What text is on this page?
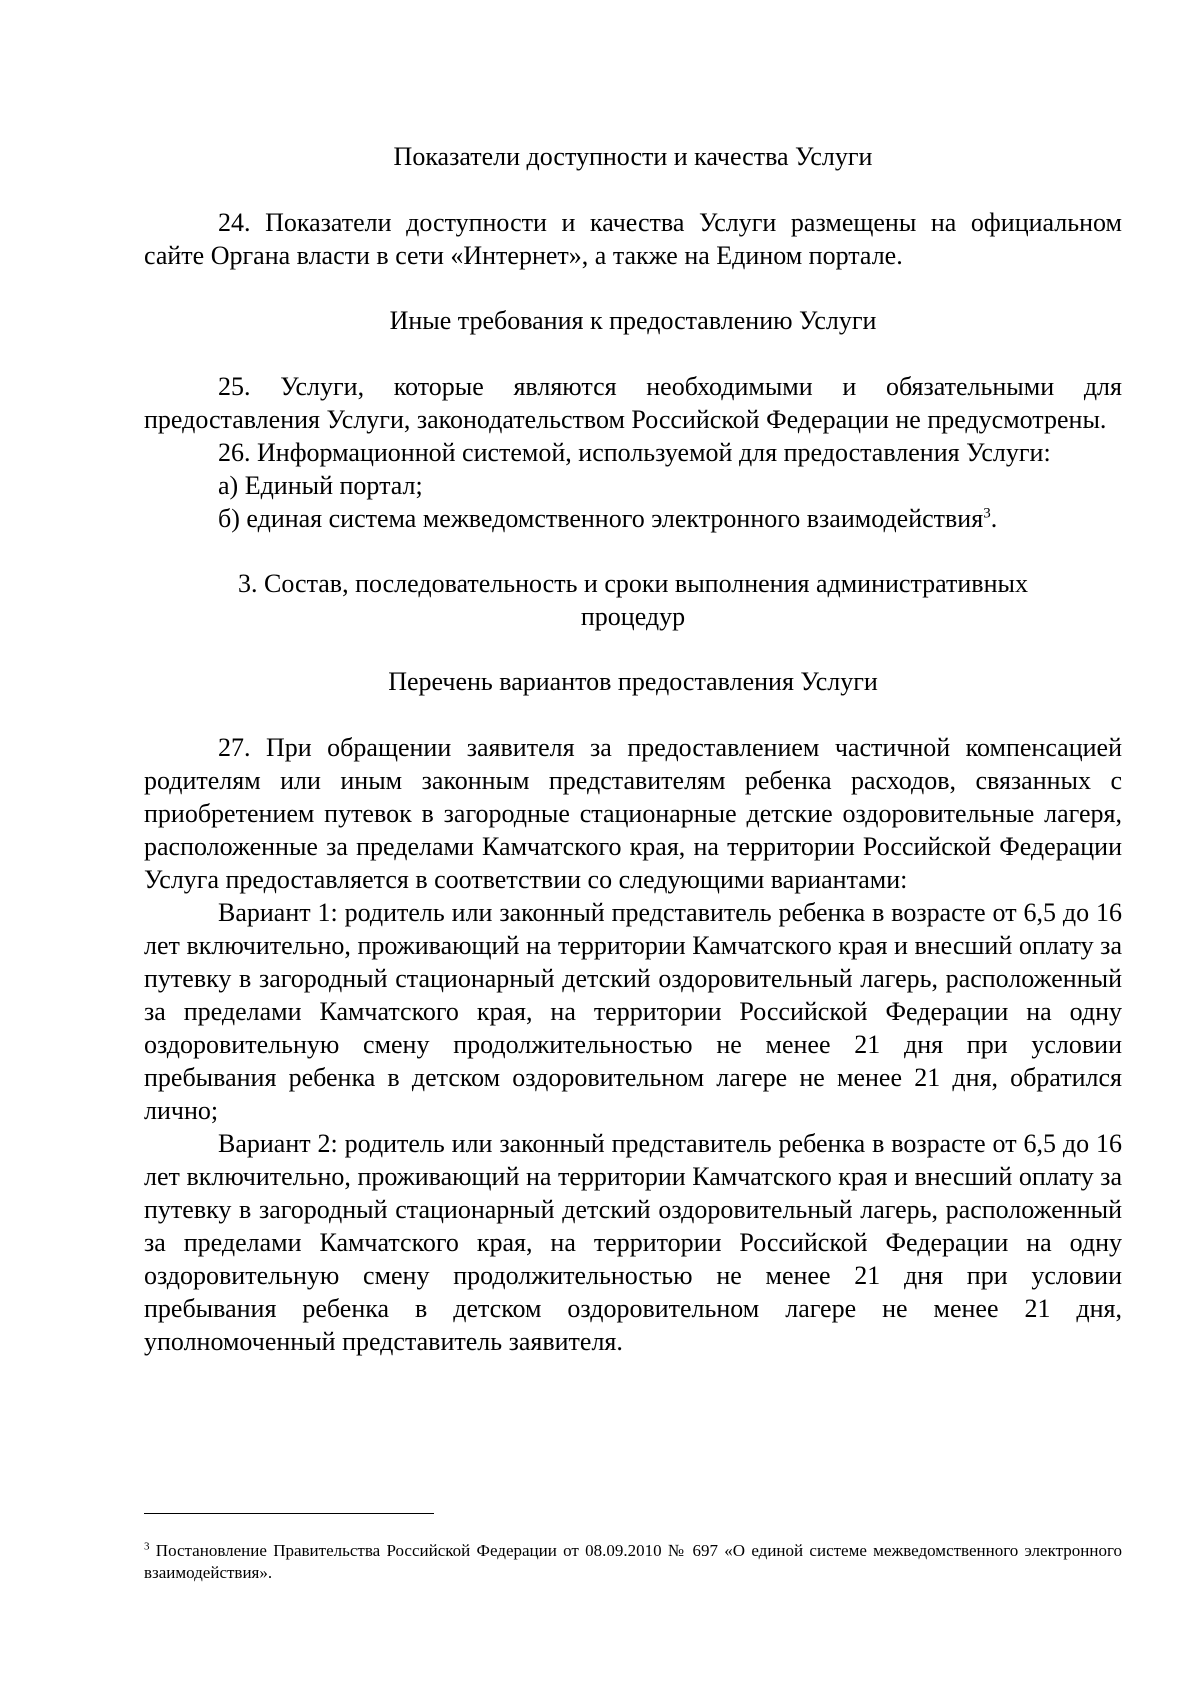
Показатели доступности и качества Услуги

24. Показатели доступности и качества Услуги размещены на официальном сайте Органа власти в сети «Интернет», а также на Едином портале.

Иные требования к предоставлению Услуги

25. Услуги, которые являются необходимыми и обязательными для предоставления Услуги, законодательством Российской Федерации не предусмотрены.

26. Информационной системой, используемой для предоставления Услуги:

а) Единый портал;

б) единая система межведомственного электронного взаимодействия$^3$.

3. Состав, последовательность и сроки выполнения административных

процедур

Перечень вариантов предоставления Услуги

27. При обращении заявителя за предоставлением частичной компенсацией родителям или иным законным представителям ребенка расходов, связанных с приобретением путевок в загородные стационарные детские оздоровительные лагеря, расположенные за пределами Камчатского края, на территории Российской Федерации Услуга предоставляется в соответствии со следующими вариантами:

Вариант 1: родитель или законный представитель ребенка в возрасте от 6,5 до 16 лет включительно, проживающий на территории Камчатского края и внесший оплату за путевку в загородный стационарный детский оздоровительный лагерь, расположенный за пределами Камчатского края, на территории Российской Федерации на одну оздоровительную смену продолжительностью не менее 21 дня при условии пребывания ребенка в детском оздоровительном лагере не менее 21 дня, обратился лично;

Вариант 2: родитель или законный представитель ребенка в возрасте от 6,5 до 16 лет включительно, проживающий на территории Камчатского края и внесший оплату за путевку в загородный стационарный детский оздоровительный лагерь, расположенный за пределами Камчатского края, на территории Российской Федерации на одну оздоровительную смену продолжительностью не менее 21 дня при условии пребывания ребенка в детском оздоровительном лагере не менее 21 дня, уполномоченный представитель заявителя.

$^3$ Постановление Правительства Российской Федерации от 08.09.2010 № 697 «О единой системе межведомственного электронного взаимодействия».
